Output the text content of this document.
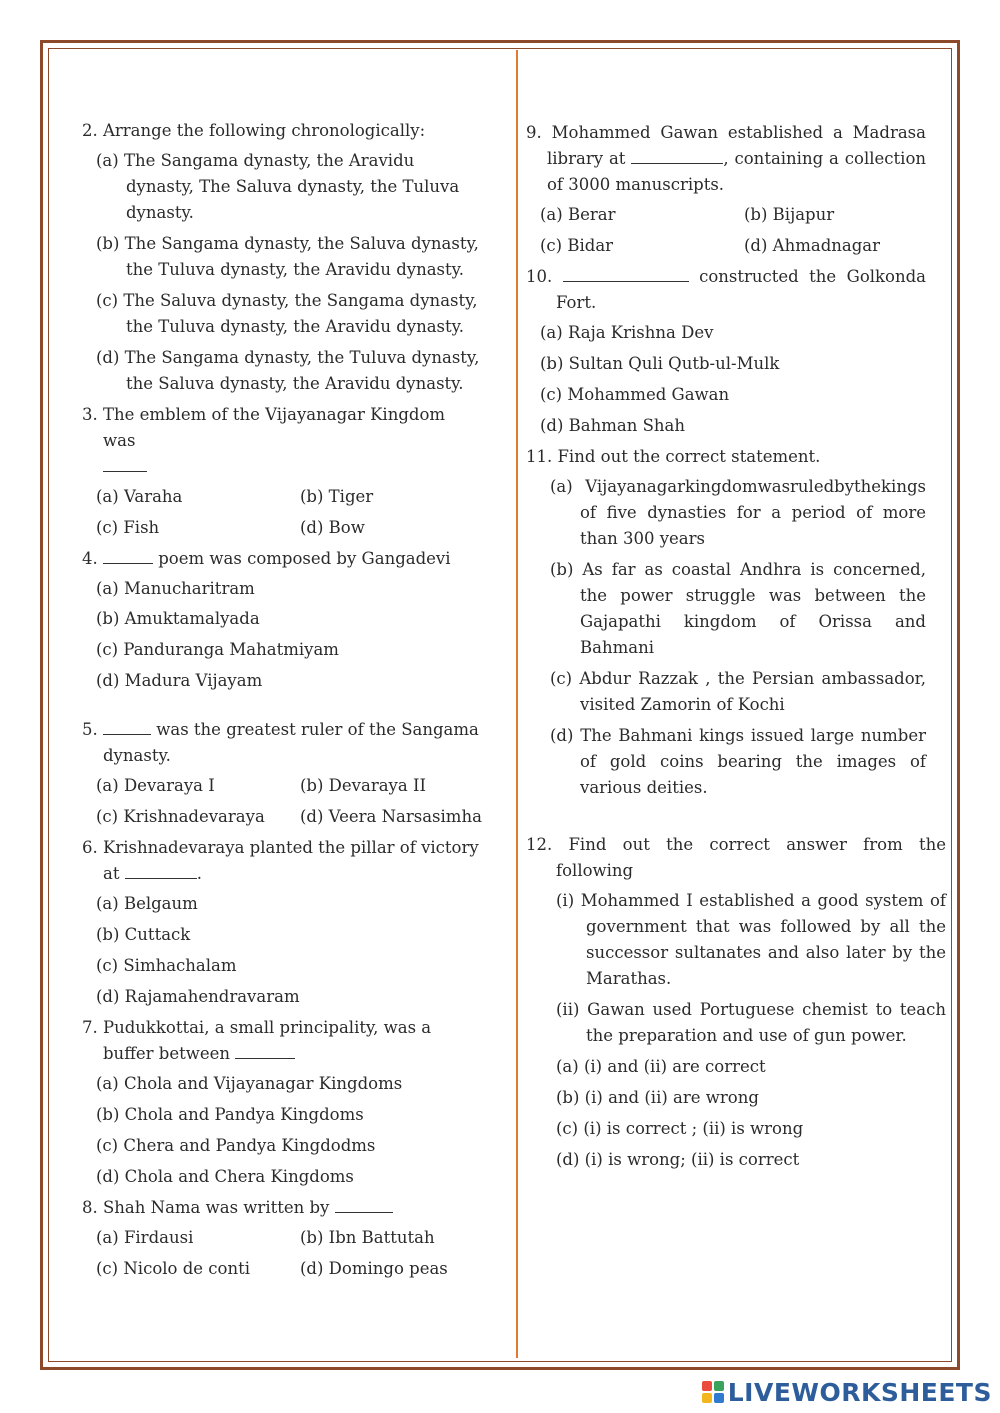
2. Arrange the following chronologically:
(a) The Sangama dynasty, the Aravidu dynasty, The Saluva dynasty, the Tuluva dynasty.
(b) The Sangama dynasty, the Saluva dynasty, the Tuluva dynasty, the Aravidu dynasty.
(c) The Saluva dynasty, the Sangama dynasty, the Tuluva dynasty, the Aravidu dynasty.
(d) The Sangama dynasty, the Tuluva dynasty, the Saluva dynasty, the Aravidu dynasty.
3. The emblem of the Vijayanagar Kingdom was

(a) Varaha	(b) Tiger
(c) Fish	(d) Bow
4.	poem was composed by Gangadevi
(a) Manucharitram
(b) Amuktamalyada
(c) Panduranga Mahatmiyam
(d) Madura Vijayam
5.	was the greatest ruler of the Sangama dynasty.
(a) Devaraya I	(b) Devaraya II
(c) Krishnadevaraya	(d) Veera Narsasimha
6. Krishnadevaraya planted the pillar of victory at	.
(a) Belgaum
(b) Cuttack
(c) Simhachalam
(d) Rajamahendravaram
7. Pudukkottai, a small principality, was a buffer between
(a) Chola and Vijayanagar Kingdoms
(b) Chola and Pandya Kingdoms
(c) Chera and Pandya Kingdodms
(d) Chola and Chera Kingdoms
8. Shah Nama was written by
(a) Firdausi	(b) Ibn Battutah
(c) Nicolo de conti	(d) Domingo peas
9. Mohammed Gawan established a Madrasa library at	, containing a collection of 3000 manuscripts.
(a) Berar	(b) Bijapur
(c) Bidar	(d) Ahmadnagar
10.	constructed the Golkonda Fort.
(a) Raja Krishna Dev
(b) Sultan Quli Qutb-ul-Mulk
(c) Mohammed Gawan
(d) Bahman Shah
11. Find out the correct statement.
(a) Vijayanagarkingdomwasruledbythekings of five dynasties for a period of more than 300 years
(b) As far as coastal Andhra is concerned, the power struggle was between the Gajapathi kingdom of Orissa and Bahmani
(c) Abdur Razzak , the Persian ambassador, visited Zamorin of Kochi
(d) The Bahmani kings issued large number of gold coins bearing the images of various deities.
12. Find out the correct answer from the following
(i) Mohammed I established a good system of government that was followed by all the successor sultanates and also later by the Marathas.
(ii) Gawan used Portuguese chemist to teach the preparation and use of gun power.
(a) (i) and (ii) are correct
(b) (i) and (ii) are wrong
(c) (i) is correct ; (ii) is wrong
(d) (i) is wrong; (ii) is correct
LIVEWORKSHEETS
